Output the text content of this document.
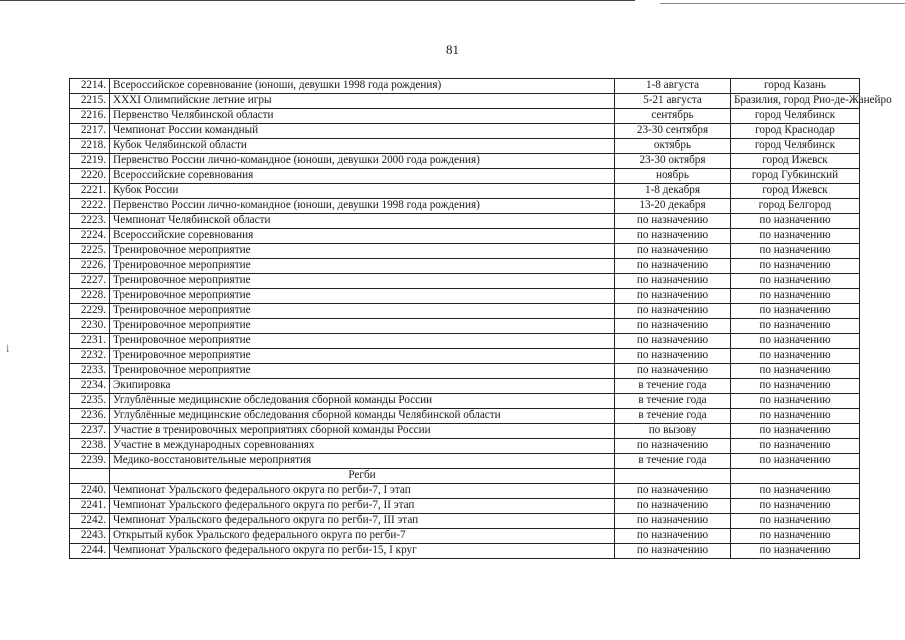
81
ⅰ
2214.	Всероссийское соревнование (юноши, девушки 1998 года рождения)	1-8 августа	город Казань
2215.	XXXI Олимпийские летние игры	5-21 августа	Бразилия, город Рио-де-Жанейро
2216.	Первенство Челябинской области	сентябрь	город Челябинск
2217.	Чемпионат России командный	23-30 сентября	город Краснодар
2218.	Кубок Челябинской области	октябрь	город Челябинск
2219.	Первенство России лично-командное (юноши, девушки 2000 года рождения)	23-30 октября	город Ижевск
2220.	Всероссийские соревнования	ноябрь	город Губкинский
2221.	Кубок России	1-8 декабря	город Ижевск
2222.	Первенство России лично-командное (юноши, девушки 1998 года рождения)	13-20 декабря	город Белгород
2223.	Чемпионат Челябинской области	по назначению	по назначению
2224.	Всероссийские соревнования	по назначению	по назначению
2225.	Тренировочное мероприятие	по назначению	по назначению
2226.	Тренировочное мероприятие	по назначению	по назначению
2227.	Тренировочное мероприятие	по назначению	по назначению
2228.	Тренировочное мероприятие	по назначению	по назначению
2229.	Тренировочное мероприятие	по назначению	по назначению
2230.	Тренировочное мероприятие	по назначению	по назначению
2231.	Тренировочное мероприятие	по назначению	по назначению
2232.	Тренировочное мероприятие	по назначению	по назначению
2233.	Тренировочное мероприятие	по назначению	по назначению
2234.	Экипировка	в течение года	по назначению
2235.	Углублённые медицинские обследования сборной команды России	в течение года	по назначению
2236.	Углублённые медицинские обследования сборной команды Челябинской области	в течение года	по назначению
2237.	Участие в тренировочных мероприятиях сборной команды России	по вызову	по назначению
2238.	Участие в международных соревнованиях	по назначению	по назначению
2239.	Медико-восстановительные мероприятия	в течение года	по назначению
	Регби		
2240.	Чемпионат Уральского федерального округа по регби-7, I этап	по назначению	по назначению
2241.	Чемпионат Уральского федерального округа по регби-7, II этап	по назначению	по назначению
2242.	Чемпионат Уральского федерального округа по регби-7, III этап	по назначению	по назначению
2243.	Открытый кубок Уральского федерального округа по регби-7	по назначению	по назначению
2244.	Чемпионат Уральского федерального округа по регби-15, I круг	по назначению	по назначению
